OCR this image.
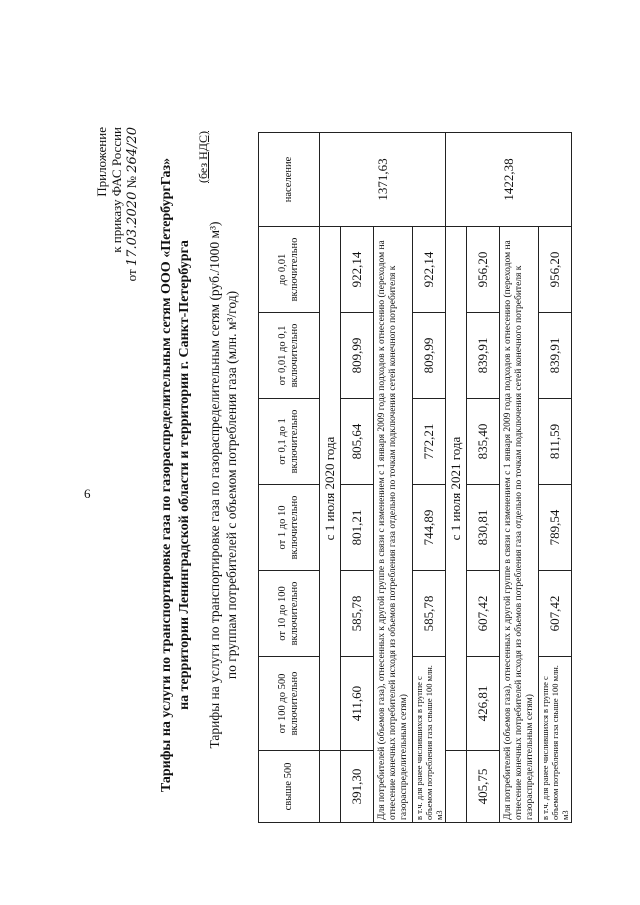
6
Приложение к приказу ФАС России
от 17.03.2020 № 264/20
Тарифы на услуги по транспортировке газа по газораспределительным сетям ООО «ПетербургГаз» на территории Ленинградской области и территории г. Санкт-Петербурга
(без НДС)
Тарифы на услуги по транспортировке газа по газораспределительным сетям (руб./1000 м³) по группам потребителей с объемом потребления газа (млн. м³/год)
свыше 500	от 100 до 500 включительно	от 10 до 100 включительно	от 1 до 10 включительно	от 0,1 до 1 включительно	от 0,01 до 0,1 включительно	до 0,01 включительно	население
	с 1 июля 2020 года						1371,63
391,30	411,60	585,78	801,21	805,64	809,99	922,14	
Для потребителей (объемов газа), отнесенных к другой группе в связи с изменением с 1 января 2009 года подходов к отнесению (переходом на отнесение конечных потребителей исходя из объемов потребления газа отдельно по точкам подключения сетей конечного потребителя к газораспределительным сетям)							
в т.ч. для ранее числившихся в группе с объемом потребления газа свыше 100 млн. м3		585,78	744,89	772,21	809,99	922,14	
	с 1 июля 2021 года						1422,38
405,75	426,81	607,42	830,81	835,40	839,91	956,20	
Для потребителей (объемов газа), отнесенных к другой группе в связи с изменением с 1 января 2009 года подходов к отнесению (переходом на отнесение конечных потребителей исходя из объемов потребления газа отдельно по точкам подключения сетей конечного потребителя к газораспределительным сетям)							
в т.ч. для ранее числившихся в группе с объемом потребления газа свыше 100 млн. м3		607,42	789,54	811,59	839,91	956,20	
